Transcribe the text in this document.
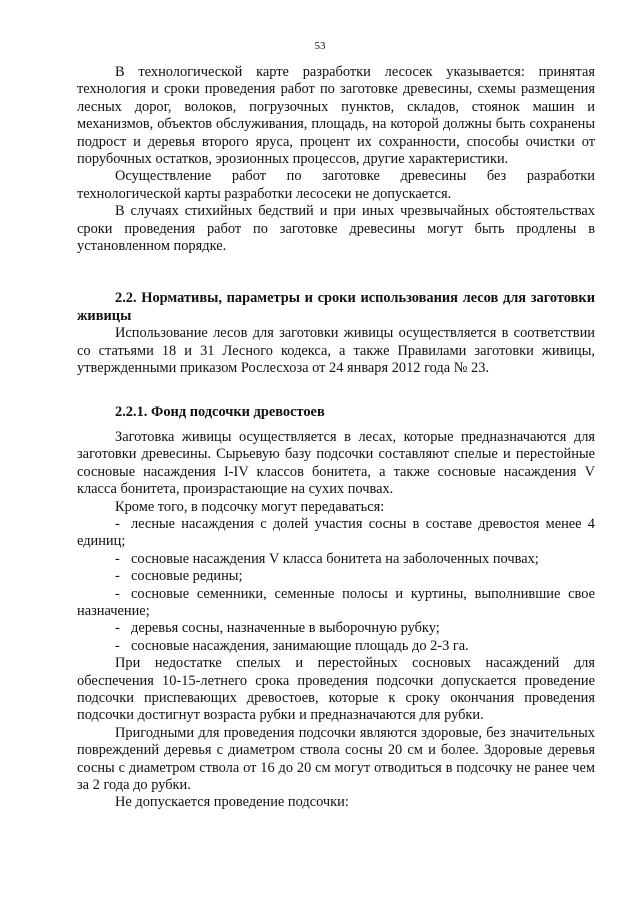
53

В технологической карте разработки лесосек указывается: принятая технология и сроки проведения работ по заготовке древесины, схемы размещения лесных дорог, волоков, погрузочных пунктов, складов, стоянок машин и механизмов, объектов обслуживания, площадь, на которой должны быть сохранены подрост и деревья второго яруса, процент их сохранности, способы очистки от порубочных остатков, эрозионных процессов, другие характеристики.

Осуществление работ по заготовке древесины без разработки технологической карты разработки лесосеки не допускается.

В случаях стихийных бедствий и при иных чрезвычайных обстоятельствах сроки проведения работ по заготовке древесины могут быть продлены в установленном порядке.

2.2. Нормативы, параметры и сроки использования лесов для заготовки живицы

Использование лесов для заготовки живицы осуществляется в соответствии со статьями 18 и 31 Лесного кодекса, а также Правилами заготовки живицы, утвержденными приказом Рослесхоза от 24 января 2012 года № 23.

2.2.1. Фонд подсочки древостоев

Заготовка живицы осуществляется в лесах, которые предназначаются для заготовки древесины. Сырьевую базу подсочки составляют спелые и перестойные сосновые насаждения I-IV классов бонитета, а также сосновые насаждения V класса бонитета, произрастающие на сухих почвах.

Кроме того, в подсочку могут передаваться:

- лесные насаждения с долей участия сосны в составе древостоя менее 4 единиц;

- сосновые насаждения V класса бонитета на заболоченных почвах;

- сосновые редины;

- сосновые семенники, семенные полосы и куртины, выполнившие свое назначение;

- деревья сосны, назначенные в выборочную рубку;

- сосновые насаждения, занимающие площадь до 2-3 га.

При недостатке спелых и перестойных сосновых насаждений для обеспечения 10-15-летнего срока проведения подсочки допускается проведение подсочки приспевающих древостоев, которые к сроку окончания проведения подсочки достигнут возраста рубки и предназначаются для рубки.

Пригодными для проведения подсочки являются здоровые, без значительных повреждений деревья с диаметром ствола сосны 20 см и более. Здоровые деревья сосны с диаметром ствола от 16 до 20 см могут отводиться в подсочку не ранее чем за 2 года до рубки.

Не допускается проведение подсочки:
